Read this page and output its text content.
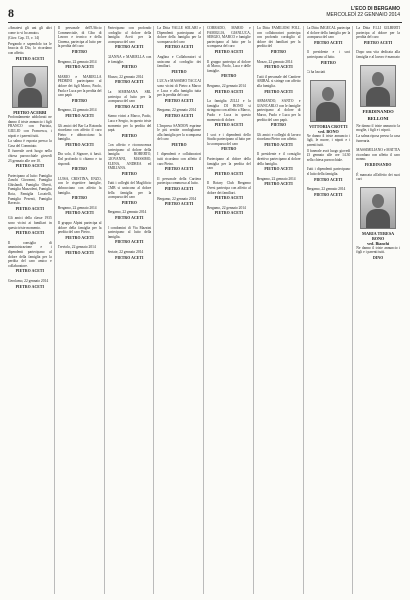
8	L'ECO DI BERGAMO
MERCOLEDÌ 22 GENNAIO 2014

«Amatevi gli uni gli altri come io vi ho amato»

(Giov. Cap. 15, v. 14)

Pregando e sapendolo tra le braccia di Dio, lo ricordano con affetto.

PIETRO ACETI
PIETRO ACERBI

Profondamente addolorati ne danno il triste annuncio i figli FRANCO con Patrizia, GIULIO con Francesca, i nipoti e i parenti tutti.

La salma è esposta presso la Casa del Commiato.

Il funerale avrà luogo nella chiesa parrocchiale giovedì 23 gennaio alle ore 10.

PIETRO ACETI

Partecipano al lutto: Famiglia Zanchi Giovanni, Famiglia Ghislandi, Famiglia Oberti, Famiglia Mazzoleni, Famiglia Rota, Famiglia Locatelli, Famiglia Pesenti, Famiglia Ravasio.

PIETRO ACETI

Gli amici della classe 1935 sono vicini ai familiari in questo triste momento.

PIETRO ACETI

Il consiglio di amministrazione e i dipendenti partecipano al dolore della famiglia per la perdita del caro amico e collaboratore.

PIETRO ACETI

Gerolamo, 22 gennaio 2014

PIETRO ACETI

Il personale dell'Ufficio Commerciale, di Cibo di Lavoro e tecnico e della Cinema, partecipa al lutto per la perdita del caro

PIETRO

Bergamo, 22 gennaio 2014

PIETRO ACETI

MARIO e MARIELLA PEDRINI partecipano al dolore dei figli Marco, Paolo, Paola e Luca per la perdita del caro papà

PIETRO

Bergamo, 22 gennaio 2014

PIETRO ACETI

Gli amici del Bar La Rotonda ricordano con affetto il caro Pietro e abbracciano la famiglia.

PIETRO ACETI

Dio solo, il Signore, ti basti. Dal profondo ti chiamo e tu rispondi.

PIETRO

LUISA, CRISTINA, ENZO, con le rispettive famiglie, abbracciano con affetto la famiglia.

PIETRO

Bergamo, 22 gennaio 2014

PIETRO ACETI

Il gruppo Alpini partecipa al dolore della famiglia per la perdita del caro Pietro.

PIETRO ACETI

Treviolo, 22 gennaio 2014

PIETRO ACETI

Partecipano con profondo cordoglio al dolore della famiglia Aceti per la scomparsa del caro

PIETRO ACETI

GIANNA e MARIELLA con le famiglie.

PIETRO

Mozzo, 22 gennaio 2014

PIETRO ACETI

La SIMEMANA SRL partecipa al lutto per la scomparsa del caro

PIETRO ACETI

Siamo vicini a Marco, Paolo, Luca e Sergio, in questo triste momento per la perdita del papà.

PIETRO

Con affetto e riconoscenza partecipano al dolore della famiglia ROBERTO, GIOVANNI, MASSIMO, ELENA, ANDREA ed EMILIANA.

PIETRO

Tutti i colleghi del Maglificio CMB si uniscono al dolore della famiglia per la scomparsa del caro

PIETRO

Bergamo, 22 gennaio 2014

PIETRO ACETI

I condomini di Via Mazzini partecipano al lutto della famiglia.

PIETRO ACETI

Seriate, 22 gennaio 2014

PIETRO ACETI

La Ditta VALLE SOLARI e Dipendenti partecipano al dolore della famiglia per la scomparsa del caro

PIETRO ACETI

Anglina e Collaboratori si uniscono al cordoglio dei familiari.

PIETRO

LUCA e MASSIMO TACCAI sono vicini di Pietro a Marco e Luca e alla famiglia tutta per la perdita del caro

PIETRO ACETI

Bergamo, 22 gennaio 2014

PIETRO ACETI

L'Impresa SANDON esprime le più sentite condoglianze alla famiglia per la scomparsa del caro

PIETRO

I dipendenti e collaboratori tutti ricordano con affetto il caro Pietro.

PIETRO ACETI

Il personale della Cartiera partecipa commosso al lutto.

PIETRO ACETI

Bergamo, 22 gennaio 2014

PIETRO ACETI

CORRADO, MARIO e FAMIGLIA, GIANLUCA, SERGIO, MARCO e famiglie partecipano al lutto per la scomparsa del caro

PIETRO ACETI

Il gruppo partecipa al dolore di Marco, Paolo, Luca e delle famiglie.

PIETRO

Bergamo, 22 gennaio 2014

PIETRO ACETI

La famiglia ZILLI e la famiglia DI BONO si stringono con affetto a Marco, Paolo e Luca in questo momento di dolore.

PIETRO ACETI

I soci e i dipendenti dello Studio partecipano al lutto per la scomparsa del caro

PIETRO

Partecipano al dolore della famiglia per la perdita del caro

PIETRO ACETI

Il Rotary Club Bergamo Ovest partecipa con affetto al dolore dei familiari.

PIETRO ACETI

Bergamo, 22 gennaio 2014

PIETRO ACETI

La Ditta FAMILIOSI FOLL con collaboratori partecipa con profondo cordoglio al dolore dei familiari per la perdita del

PIETRO

Mozzo, 22 gennaio 2014

PIETRO ACETI

Tutti il personale del Cantiere ABIBAL si stringe con affetto alla famiglia.

PIETRO ACETI

ARMANDO, SANTO e GIANCARLO con le famiglie partecipano al dolore di Marco, Paolo e Luca per la perdita del caro papà.

PIETRO

Gli amici e colleghi di lavoro ricordano Pietro con affetto.

PIETRO ACETI

Il presidente e il consiglio direttivo partecipano al dolore della famiglia.

PIETRO ACETI

Bergamo, 22 gennaio 2014

PIETRO ACETI

La Ditta IMGECAL partecipa al dolore della famiglia per la scomparsa del caro

PIETRO ACETI

Il presidente e i soci partecipano al lutto.

PIETRO

Ci ha lasciati

VITTORIA CROTTI
ved. BONO

Ne danno il triste annuncio i figli, le nuore, i nipoti e i parenti tutti.

Il funerale avrà luogo giovedì 23 gennaio alle ore 14.30 nella chiesa parrocchiale.

Tutti i dipendenti partecipano al lutto della famiglia.

PIETRO ACETI

Bergamo, 22 gennaio 2014

PIETRO ACETI

La Ditta F.LLI GILBERTI partecipa al dolore per la perdita del caro

PIETRO ACETI

Dopo una vita dedicata alla famiglia e al lavoro è mancato

FERDINANDO
BELLONI

Ne danno il triste annuncio la moglie, i figli e i nipoti.

La salma riposa presso la casa funeraria.

MASSIMILIANO e MATTIA ricordano con affetto il caro nonno.

FERDINANDO

È mancata all'affetto dei suoi cari

MARIA TERESA BONO
ved. Bianchi

Ne danno il triste annuncio i figli e i parenti tutti.

DINO
